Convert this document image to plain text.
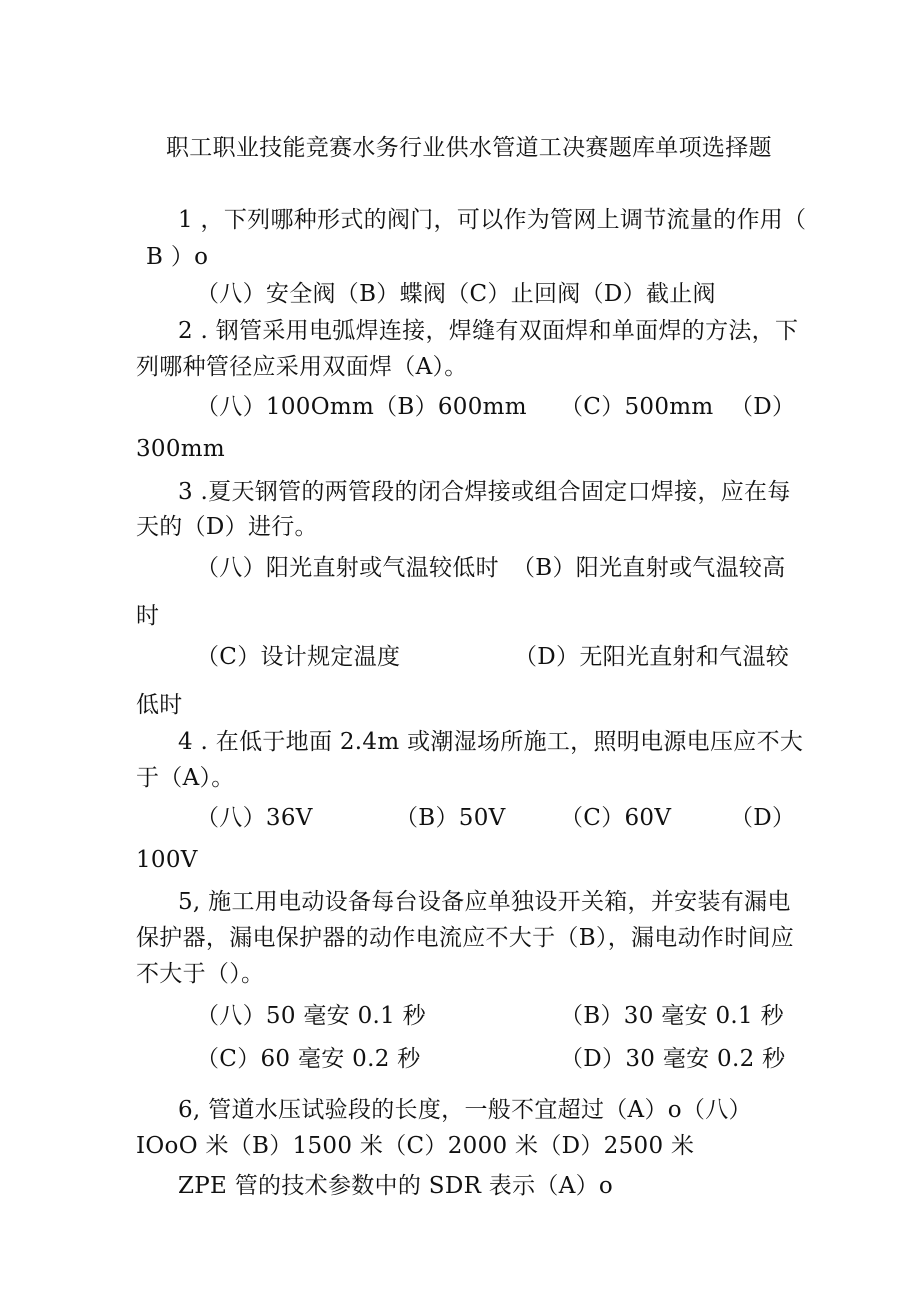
职工职业技能竞赛水务行业供水管道工决赛题库单项选择题
1 ，下列哪种形式的阀门，可以作为管网上调节流量的作用（
B ）o
（八）安全阀（B）蝶阀（C）止回阀（D）截止阀
2 . 钢管采用电弧焊连接，焊缝有双面焊和单面焊的方法，下
列哪种管径应采用双面焊（A）。
（八）100Omm（B）600mm （C）500mm （D）
300mm
3 .夏天钢管的两管段的闭合焊接或组合固定口焊接，应在每
天的（D）进行。
（八）阳光直射或气温较低时 （B）阳光直射或气温较高
时
（C）设计规定温度	（D）无阳光直射和气温较
低时
4 . 在低于地面 2.4m 或潮湿场所施工，照明电源电压应不大
于（A）。
（八）36V	（B）50V （C）60V	（D）
100V
5, 施工用电动设备每台设备应单独设开关箱，并安装有漏电
保护器，漏电保护器的动作电流应不大于（B），漏电动作时间应
不大于（）。
（八）50 毫安 0.1 秒	（B）30 毫安 0.1 秒
（C）60 毫安 0.2 秒	（D）30 毫安 0.2 秒
6, 管道水压试验段的长度，一般不宜超过（A）o（八）
IOoO 米（B）1500 米（C）2000 米（D）2500 米
ZPE 管的技术参数中的 SDR 表示（A）o
